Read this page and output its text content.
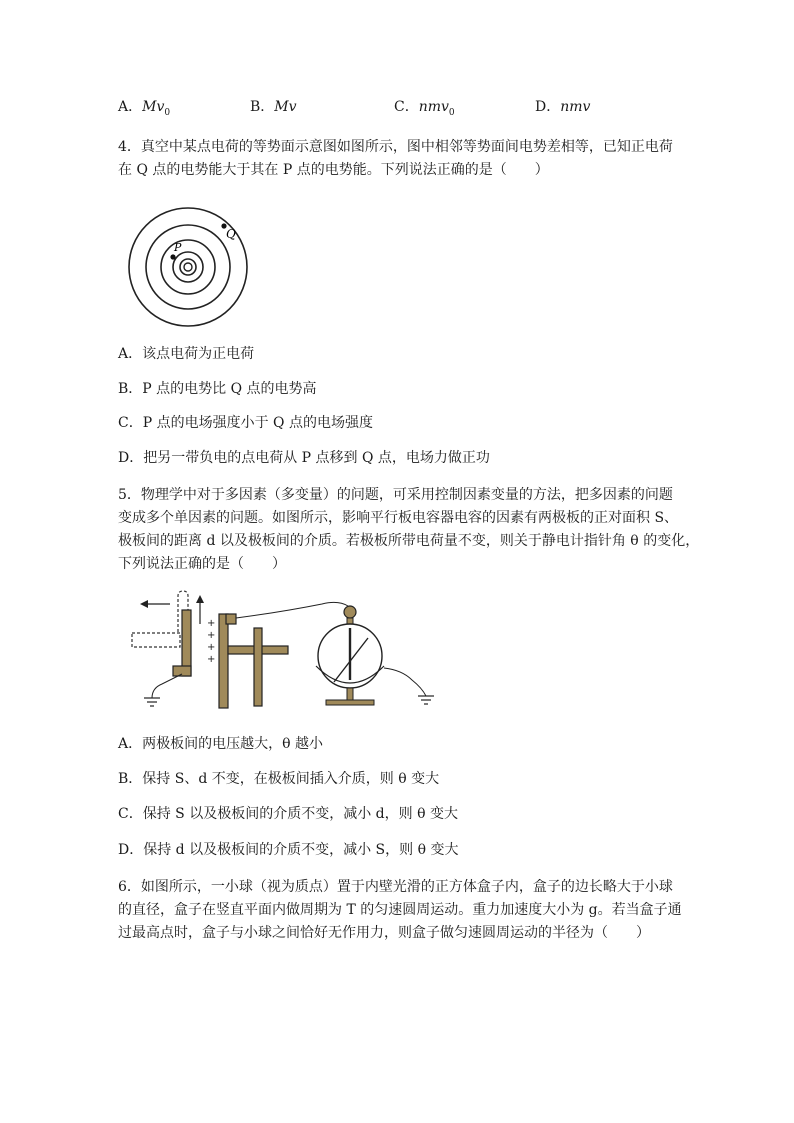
A．$Mv_0$	B．Mv	C．nmv$_0$	D．nmv
4．真空中某点电荷的等势面示意图如图所示，图中相邻等势面间电势差相等，已知正电荷
在 Q 点的电势能大于其在 P 点的电势能。下列说法正确的是（　　）
P
Q
A．该点电荷为正电荷
B．P 点的电势比 Q 点的电势高
C．P 点的电场强度小于 Q 点的电场强度
D．把另一带负电的点电荷从 P 点移到 Q 点，电场力做正功
5．物理学中对于多因素（多变量）的问题，可采用控制因素变量的方法，把多因素的问题
变成多个单因素的问题。如图所示，影响平行板电容器电容的因素有两极板的正对面积 S、
极板间的距离 d 以及极板间的介质。若极板所带电荷量不变，则关于静电计指针角 θ 的变化，
下列说法正确的是（　　）
+
+
+
+
A．两极板间的电压越大，θ 越小
B．保持 S、d 不变，在极板间插入介质，则 θ 变大
C．保持 S 以及极板间的介质不变，减小 d，则 θ 变大
D．保持 d 以及极板间的介质不变，减小 S，则 θ 变大
6．如图所示，一小球（视为质点）置于内壁光滑的正方体盒子内，盒子的边长略大于小球
的直径，盒子在竖直平面内做周期为 T 的匀速圆周运动。重力加速度大小为 g。若当盒子通
过最高点时，盒子与小球之间恰好无作用力，则盒子做匀速圆周运动的半径为（　　）
